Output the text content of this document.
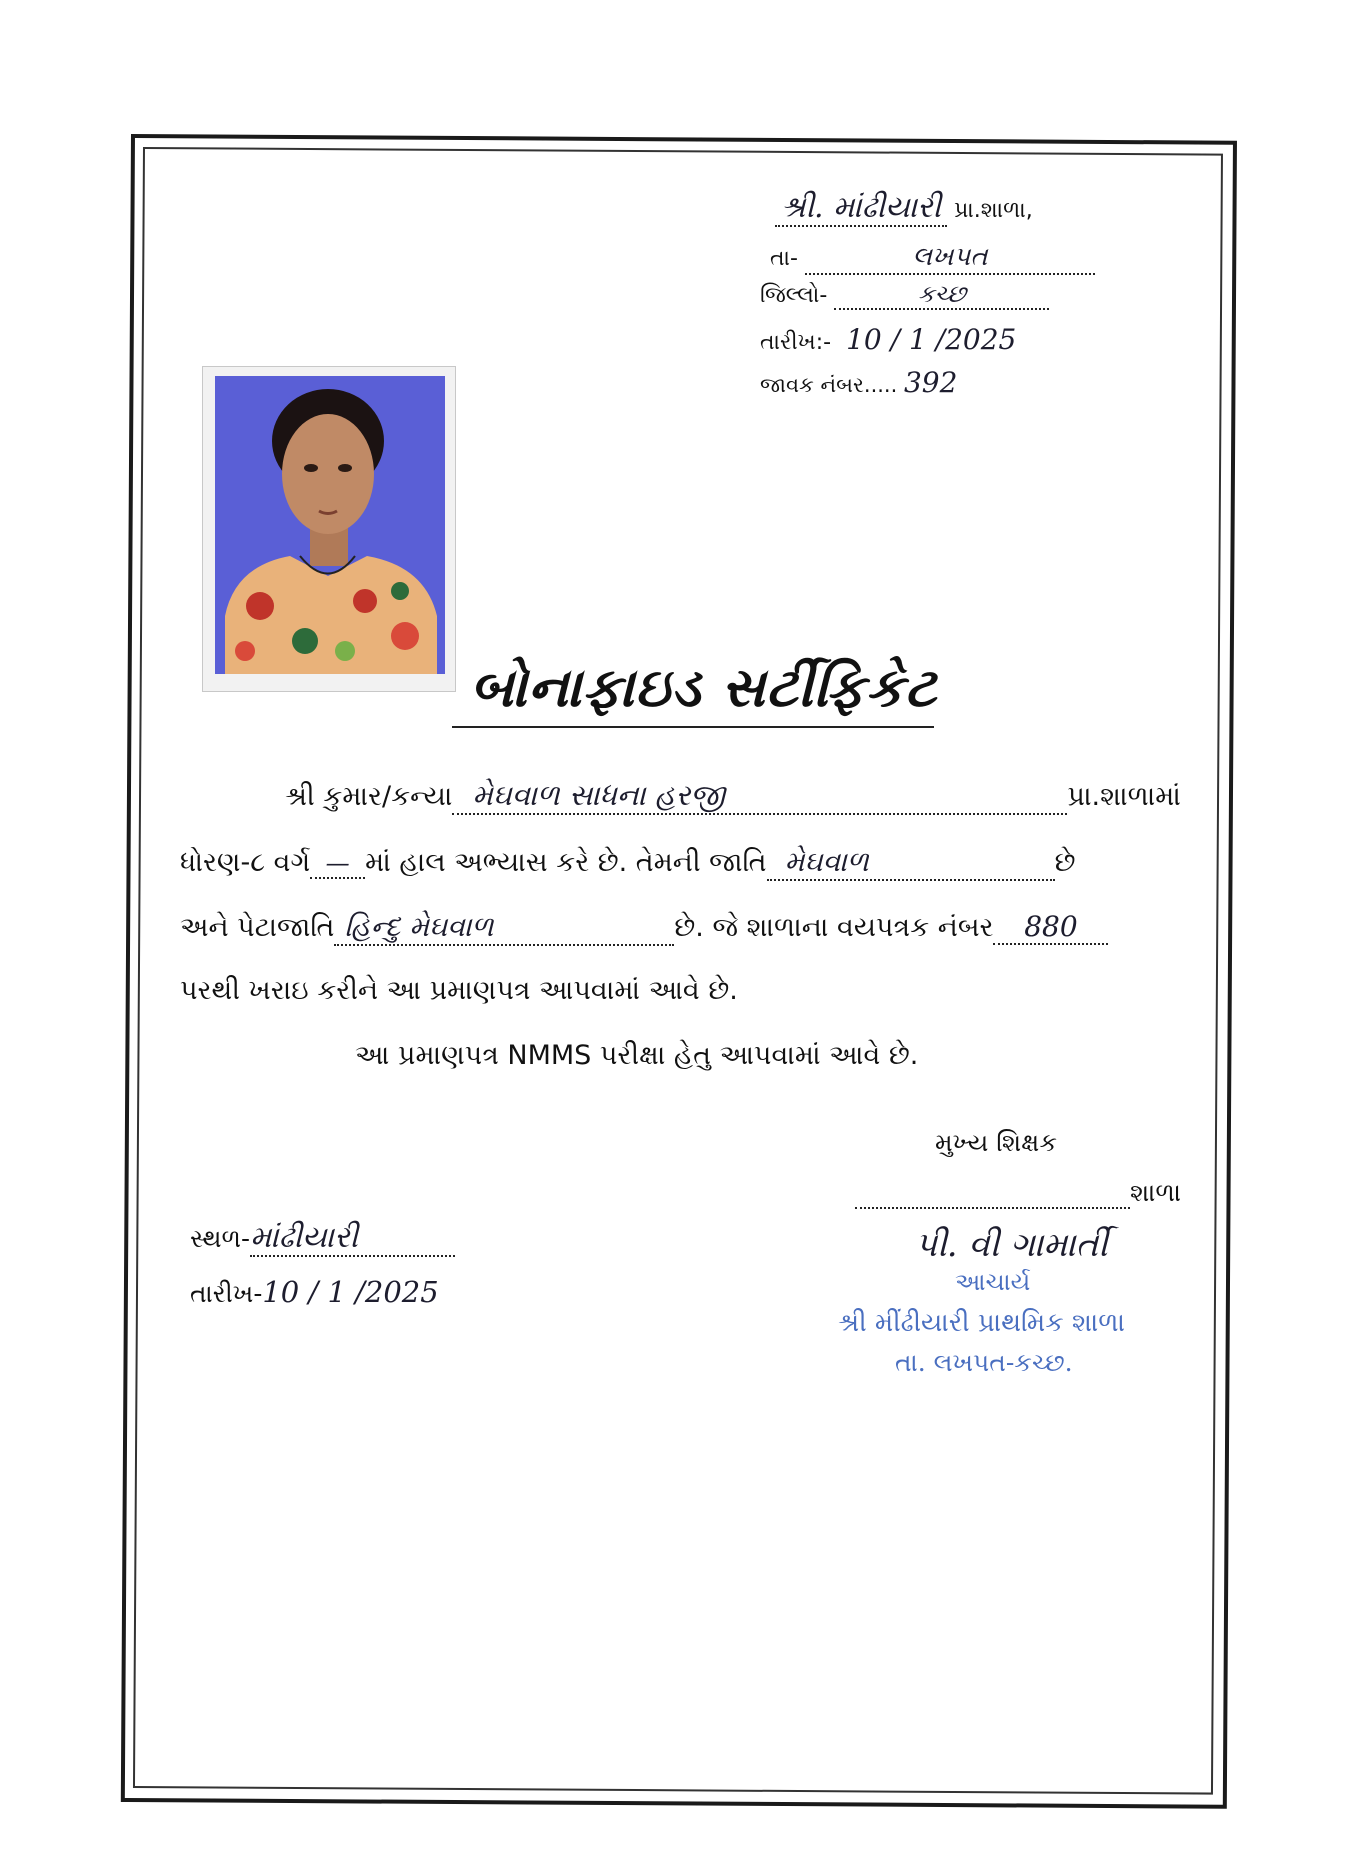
શ્રી. માંઢીયારી પ્રા.શાળા,
તા-	લખપત
જિલ્લો-	કચ્છ
તારીખ:- 10 / 1 /2025
જાવક નંબર..... 392
બોનાફાઇડ સર્ટીફિકેટ
શ્રી કુમાર/કન્યા મેઘવાળ સાધના હરજી	પ્રા.શાળામાં
ધોરણ-૮ વર્ગ — માં હાલ અભ્યાસ કરે છે. તેમની જાતિ મેઘવાળ	છે
અને પેટાજાતિ હિન્દુ મેઘવાળ	છે. જે શાળાના વયપત્રક નંબર 880
પરથી ખરાઇ કરીને આ પ્રમાણપત્ર આપવામાં આવે છે.
આ પ્રમાણપત્ર NMMS પરીક્ષા હેતુ આપવામાં આવે છે.
મુખ્ય શિક્ષક
શાળા
પી. વી ગામાર્તી
સ્થળ-માંઢીયારી
તારીખ-10 / 1 /2025	આચાર્ય
શ્રી મીંઢીયારી પ્રાથમિક શાળા
તા. લખપત-કચ્છ.
